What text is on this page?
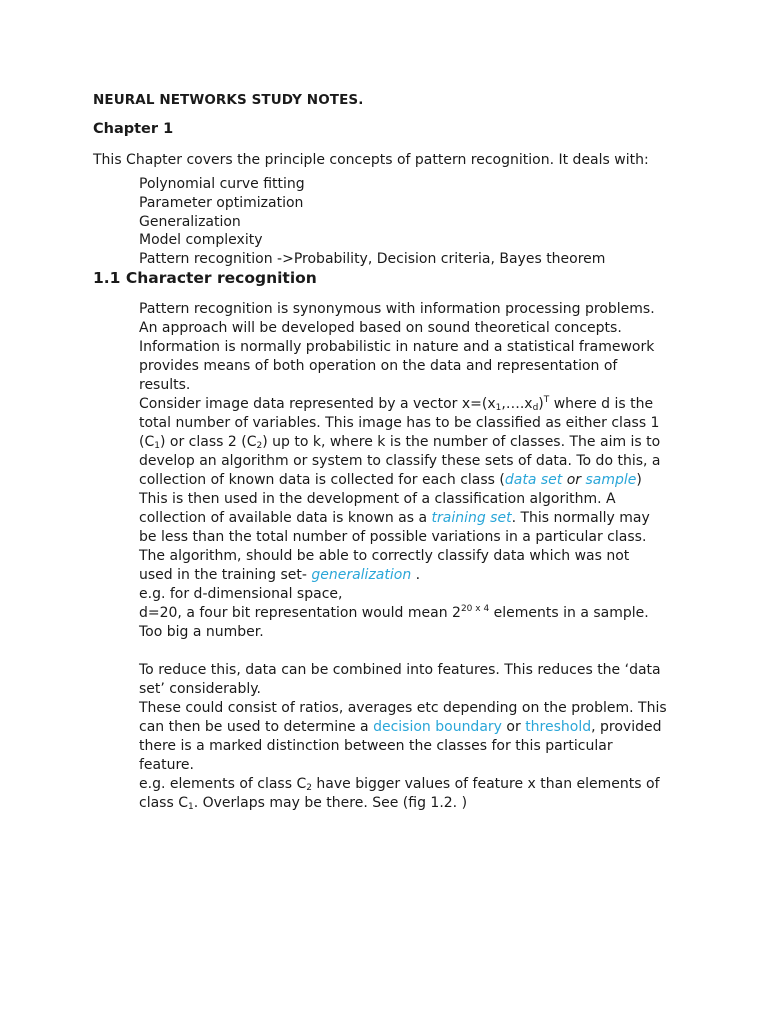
NEURAL NETWORKS STUDY NOTES.
Chapter 1
This Chapter covers the principle concepts of pattern recognition. It deals with:
Polynomial curve fitting
Parameter optimization
Generalization
Model complexity
Pattern recognition ->Probability, Decision criteria, Bayes theorem
1.1 Character recognition
Pattern recognition is synonymous with information processing problems.
An approach will be developed based on sound theoretical concepts.
Information is normally probabilistic in nature and a statistical framework
provides means of both operation on the data and representation of
results.
Consider image data represented by a vector $x=(x_1,\dots.x_d)^T$ where d is the
total number of variables. This image has to be classified as either class 1
$(C_1)$ or class 2 $(C_2)$ up to k, where k is the number of classes. The aim is to
develop an algorithm or system to classify these sets of data. To do this, a
collection of known data is collected for each class (data set or sample)
This is then used in the development of a classification algorithm. A
collection of available data is known as a training set. This normally may
be less than the total number of possible variations in a particular class.
The algorithm, should be able to correctly classify data which was not
used in the training set- generalization .
e.g. for d-dimensional space,
d=20, a four bit representation would mean $2^{20 x 4}$ elements in a sample.
Too big a number.
To reduce this, data can be combined into features. This reduces the ‘data
set’ considerably.
These could consist of ratios, averages etc depending on the problem. This
can then be used to determine a decision boundary or threshold, provided
there is a marked distinction between the classes for this particular
feature.
e.g. elements of class $C_2$ have bigger values of feature x than elements of
class $C_1$. Overlaps may be there. See (fig 1.2. )
